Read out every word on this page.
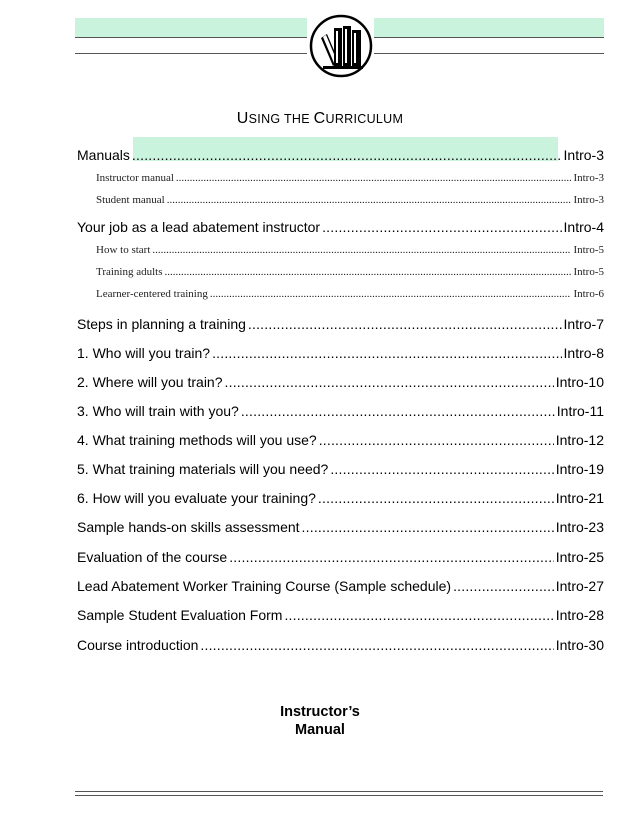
USING THE CURRICULUM
Manuals .....	Intro-3
Instructor manual .....	Intro-3
Student manual .....	Intro-3
Your job as a lead abatement instructor .....	Intro-4
How to start .....	Intro-5
Training adults .....	Intro-5
Learner-centered training .....	Intro-6
Steps in planning a training .....	Intro-7
1. Who will you train? .....	Intro-8
2. Where will you train? .....	Intro-10
3. Who will train with you? .....	Intro-11
4. What training methods will you use? .....	Intro-12
5. What training materials will you need? .....	Intro-19
6. How will you evaluate your training? .....	Intro-21
Sample hands-on skills assessment .....	Intro-23
Evaluation of the course .....	Intro-25
Lead Abatement Worker Training Course (Sample schedule) .....	Intro-27
Sample Student Evaluation Form .....	Intro-28
Course introduction .....	Intro-30
Instructor’s
Manual
